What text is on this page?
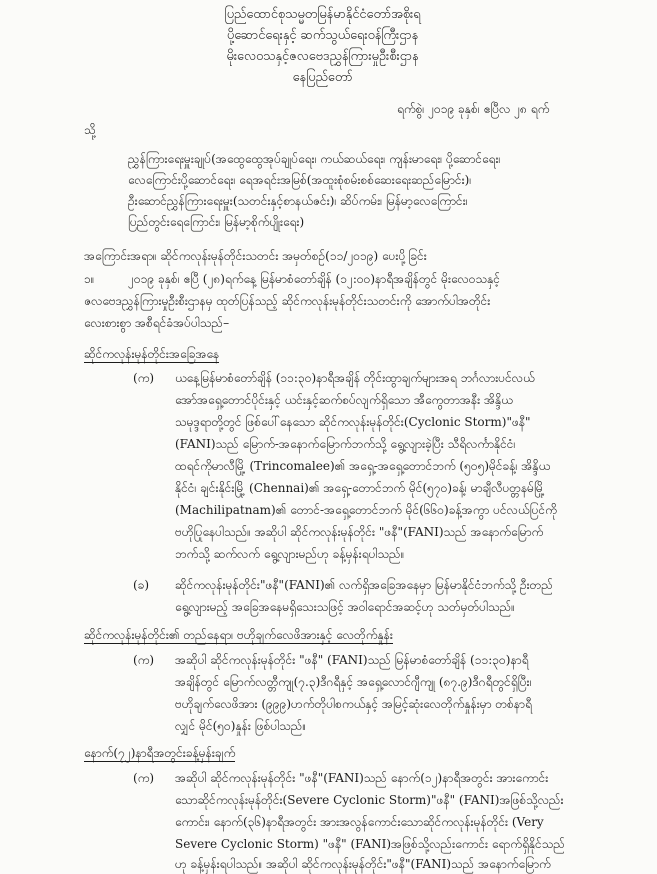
ပြည်ထောင်စုသမ္မတမြန်မာနိုင်ငံတော်အစိုးရ
ပို့ဆောင်ရေးနှင့် ဆက်သွယ်ရေးဝန်ကြီးဌာန
မိုးလေဝသနှင့်ဇလဗေဒညွှန်ကြားမှုဦးစီးဌာန
နေပြည်တော်
ရက်စွဲ၊ ၂၀၁၉ ခုနှစ်၊ ဧပြီလ ၂၈ ရက်
သို့
ညွှန်ကြားရေးမှူးချုပ်(အထွေထွေအုပ်ချုပ်ရေး၊ ကယ်ဆယ်ရေး၊ ကျန်းမာရေး၊ ပို့ဆောင်ရေး၊
လေကြောင်းပို့ဆောင်ရေး၊ ရေအရင်းအမြစ်(အထူးစုံစမ်းစစ်ဆေးရေးဆည်မြောင်း)၊
ဦးဆောင်ညွှန်ကြားရေးမှူး(သတင်းနှင့်စာနယ်ဇင်း)၊ ဆိပ်ကမ်း၊ မြန်မာ့လေကြောင်း၊
ပြည်တွင်းရေကြောင်း၊ မြန်မာ့စိုက်ပျိုးရေး)
အကြောင်းအရာ။ ဆိုင်ကလုန်းမုန်တိုင်းသတင်း အမှတ်စဉ်(၁၁/၂၀၁၉) ပေးပို့ခြင်း
၁။	၂၀၁၉ ခုနှစ်၊ ဧပြီ (၂၈)ရက်နေ့ မြန်မာစံတော်ချိန် (၁၂:၀၀)နာရီအချိန်တွင် မိုးလေဝသနှင့်
ဇလဗေဒညွှန်ကြားမှုဦးစီးဌာနမှ ထုတ်ပြန်သည့် ဆိုင်ကလုန်းမုန်တိုင်းသတင်းကို အောက်ပါအတိုင်း
လေးစားစွာ အစီရင်ခံအပ်ပါသည်–
ဆိုင်ကလုန်းမုန်တိုင်းအခြေအနေ
(က) ယနေ့မြန်မာစံတော်ချိန် (၁၁:၃၀)နာရီအချိန် တိုင်းထွာချက်များအရ ဘင်္ဂလားပင်လယ်
အော်အရှေ့တောင်ပိုင်းနှင့် ယင်းနှင့်ဆက်စပ်လျက်ရှိသော အီကွေတာအနီး အိန္ဒိယ
သမုဒ္ဒရာတို့တွင် ဖြစ်ပေါ်နေသော ဆိုင်ကလုန်းမုန်တိုင်း(Cyclonic Storm)"ဖနီ"
(FANI)သည် မြောက်-အနောက်မြောက်ဘက်သို့ ရွေ့လျားခဲ့ပြီး သီရိလင်္ကာနိုင်ငံ၊
ထရင်ကိုမာလီမြို့ (Trincomalee)၏ အရှေ့-အရှေ့တောင်ဘက် (၅၀၅)မိုင်ခန့်၊ အိန္ဒိယ
နိုင်ငံ၊ ချင်းနိုင်းမြို့ (Chennai)၏ အရှေ့-တောင်ဘက် မိုင်(၅၇၀)ခန့်၊ မာချီလီပတ္တနမ်မြို့
(Machilipatnam)၏ တောင်-အရှေ့တောင်ဘက် မိုင်(၆၆၀)ခန့်အကွာ ပင်လယ်ပြင်ကို
ဗဟိုပြုနေပါသည်။ အဆိုပါ ဆိုင်ကလုန်းမုန်တိုင်း "ဖနီ"(FANI)သည် အနောက်မြောက်
ဘက်သို့ ဆက်လက် ရွေ့လျားမည်ဟု ခန့်မှန်းရပါသည်။
(ခ) ဆိုင်ကလုန်းမုန်တိုင်း"ဖနီ"(FANI)၏ လက်ရှိအခြေအနေမှာ မြန်မာနိုင်ငံဘက်သို့ ဦးတည်
ရွေ့လျားမည့် အခြေအနေမရှိသေးသဖြင့် အဝါရောင်အဆင့်ဟု သတ်မှတ်ပါသည်။
ဆိုင်ကလုန်းမုန်တိုင်း၏ တည်နေရာ၊ ဗဟိုချက်လေဖိအားနှင့် လေတိုက်နှုန်း
(က) အဆိုပါ ဆိုင်ကလုန်းမုန်တိုင်း "ဖနီ" (FANI)သည် မြန်မာစံတော်ချိန် (၁၁:၃၀)နာရီ
အချိန်တွင် မြောက်လတ္တီကျု(၇.၃)ဒီဂရီနှင့် အရှေ့လောင်ဂျီကျု (၈၇.၉)ဒီဂရီတွင်ရှိပြီး၊
ဗဟိုချက်လေဖိအား (၉၉၉)ဟက်တိုပါစကယ်နှင့် အမြင့်ဆုံးလေတိုက်နှုန်းမှာ တစ်နာရီ
လျှင် မိုင်(၅၀)နှုန်း ဖြစ်ပါသည်။
နောက်(၇၂)နာရီအတွင်းခန့်မှန်းချက်
(က) အဆိုပါ ဆိုင်ကလုန်းမုန်တိုင်း "ဖနီ"(FANI)သည် နောက်(၁၂)နာရီအတွင်း အားကောင်း
သောဆိုင်ကလုန်းမုန်တိုင်း(Severe Cyclonic Storm)"ဖနီ" (FANI)အဖြစ်သို့လည်း
ကောင်း၊ နောက်(၃၆)နာရီအတွင်း အားအလွန်ကောင်းသောဆိုင်ကလုန်းမုန်တိုင်း (Very
Severe Cyclonic Storm) "ဖနီ" (FANI)အဖြစ်သို့လည်းကောင်း ရောက်ရှိနိုင်သည်
ဟု ခန့်မှန်းရပါသည်။ အဆိုပါ ဆိုင်ကလုန်းမုန်တိုင်း"ဖနီ"(FANI)သည် အနောက်မြောက်
